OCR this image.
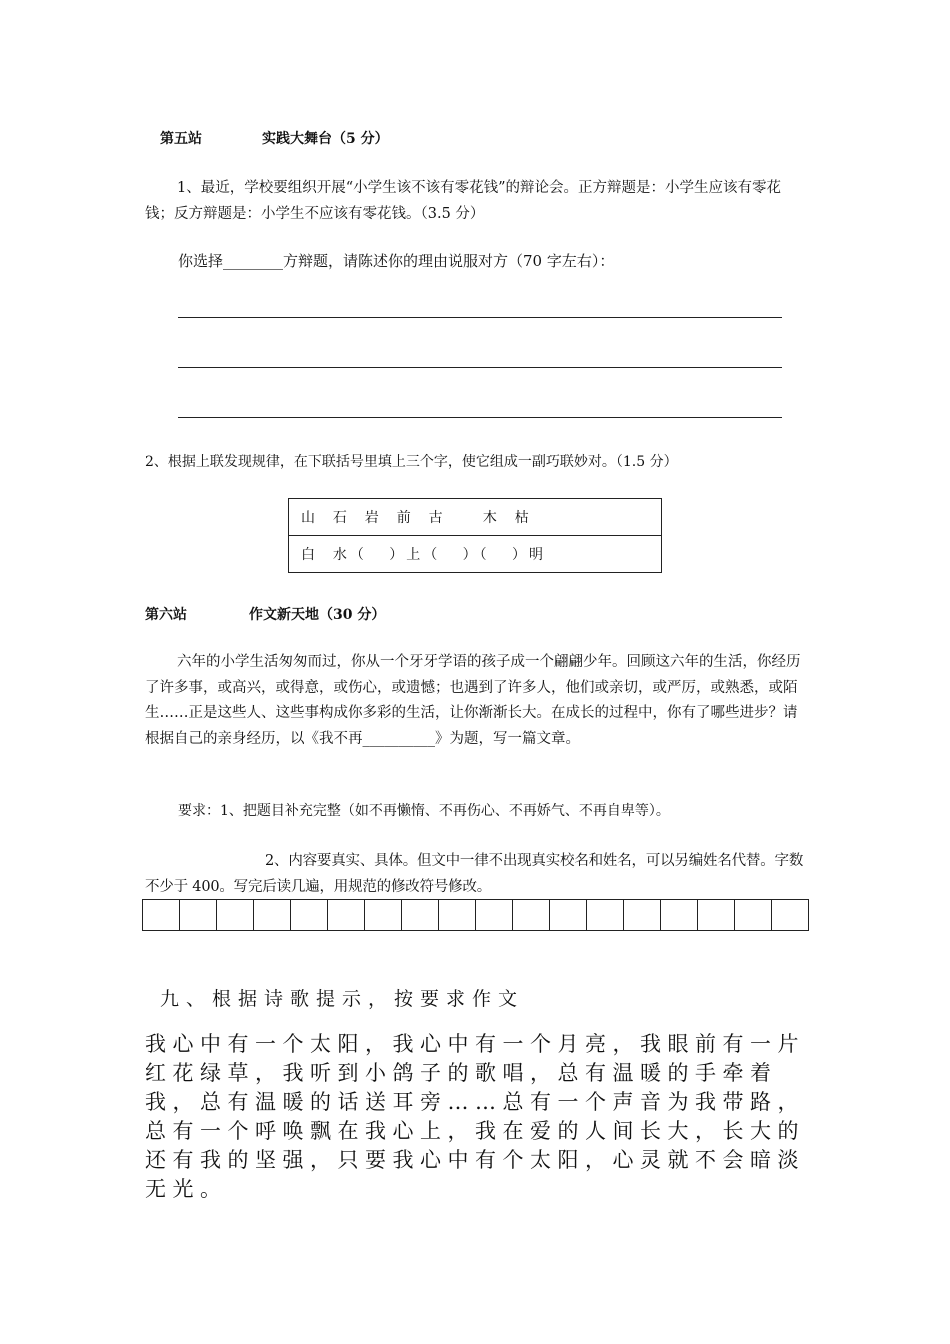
第五站	实践大舞台（5 分）
1、最近，学校要组织开展“小学生该不该有零花钱”的辩论会。正方辩题是：小学生应该有零花钱；反方辩题是：小学生不应该有零花钱。（3.5 分）
你选择________方辩题，请陈述你的理由说服对方（70 字左右）：
2、根据上联发现规律，在下联括号里填上三个字，使它组成一副巧联妙对。（1.5 分）
山  石  岩  前  古     木  枯
白  水（   ）上（   ）（   ）明
第六站	作文新天地（30 分）
六年的小学生活匆匆而过，你从一个牙牙学语的孩子成一个翩翩少年。回顾这六年的生活，你经历了许多事，或高兴，或得意，或伤心，或遗憾；也遇到了许多人，他们或亲切，或严厉，或熟悉，或陌生……正是这些人、这些事构成你多彩的生活，让你渐渐长大。在成长的过程中，你有了哪些进步？请根据自己的亲身经历，以《我不再__________》为题，写一篇文章。
要求：1、把题目补充完整（如不再懒惰、不再伤心、不再娇气、不再自卑等）。
2、内容要真实、具体。但文中一律不出现真实校名和姓名，可以另编姓名代替。字数不少于 400。写完后读几遍，用规范的修改符号修改。

九、根据诗歌提示，按要求作文
我心中有一个太阳，我心中有一个月亮，我眼前有一片红花绿草，我听到小鸽子的歌唱，总有温暖的手牵着我，总有温暖的话送耳旁……总有一个声音为我带路，总有一个呼唤飘在我心上，我在爱的人间长大，长大的还有我的坚强，只要我心中有个太阳，心灵就不会暗淡无光。
